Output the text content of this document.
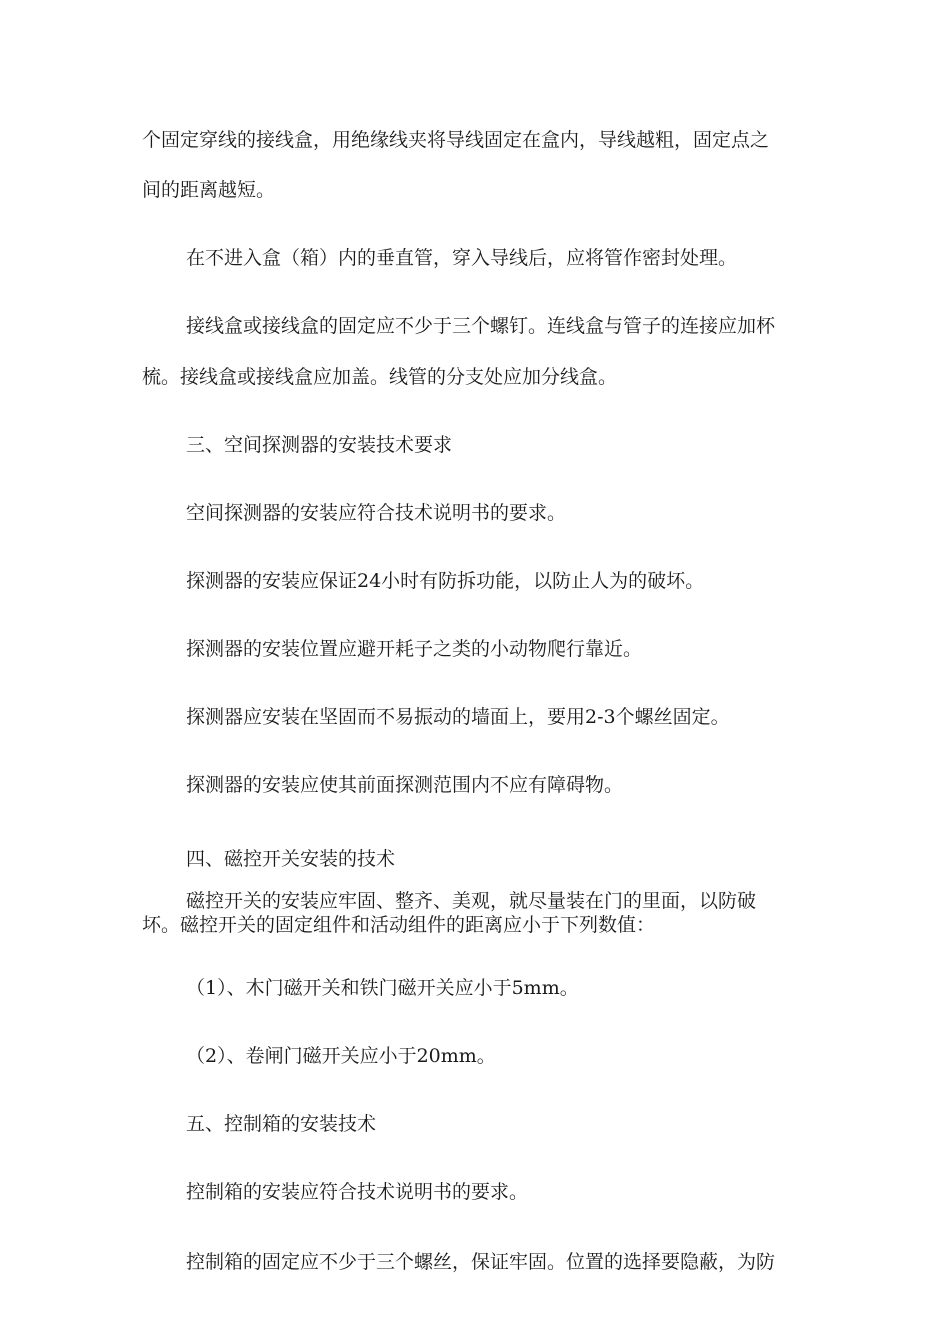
个固定穿线的接线盒，用绝缘线夹将导线固定在盒内，导线越粗，固定点之
间的距离越短。
在不进入盒（箱）内的垂直管，穿入导线后，应将管作密封处理。
接线盒或接线盒的固定应不少于三个螺钉。连线盒与管子的连接应加杯
梳。接线盒或接线盒应加盖。线管的分支处应加分线盒。
三、空间探测器的安装技术要求
空间探测器的安装应符合技术说明书的要求。
探测器的安装应保证24小时有防拆功能，以防止人为的破坏。
探测器的安装位置应避开耗子之类的小动物爬行靠近。
探测器应安装在坚固而不易振动的墙面上，要用2-3个螺丝固定。
探测器的安装应使其前面探测范围内不应有障碍物。
四、磁控开关安装的技术
磁控开关的安装应牢固、整齐、美观，就尽量装在门的里面，以防破
坏。磁控开关的固定组件和活动组件的距离应小于下列数值：
（1）、木门磁开关和铁门磁开关应小于5mm。
（2）、卷闸门磁开关应小于20mm。
五、控制箱的安装技术
控制箱的安装应符合技术说明书的要求。
控制箱的固定应不少于三个螺丝，保证牢固。位置的选择要隐蔽，为防
